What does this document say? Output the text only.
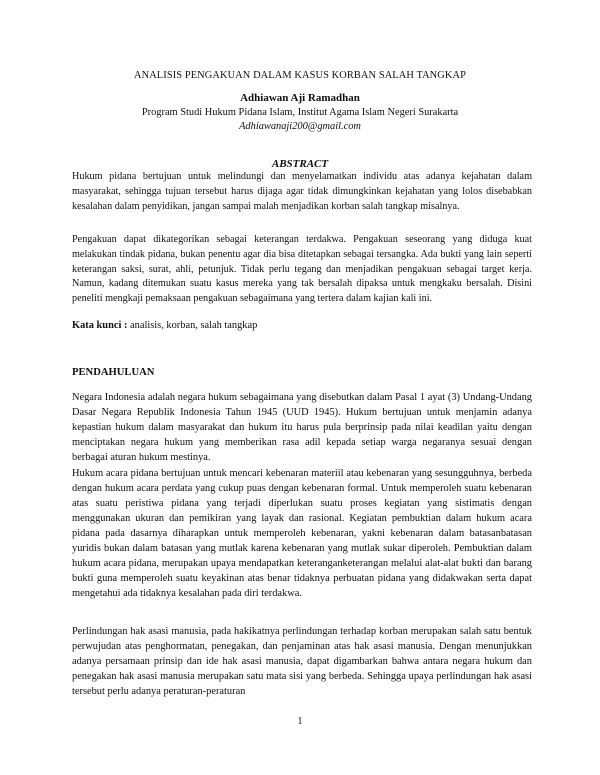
ANALISIS PENGAKUAN DALAM KASUS KORBAN SALAH TANGKAP
Adhiawan Aji Ramadhan
Program Studi Hukum Pidana Islam, Institut Agama Islam Negeri Surakarta
Adhiawanaji200@gmail.com
ABSTRACT
Hukum pidana bertujuan untuk melindungi dan menyelamatkan individu atas adanya kejahatan dalam masyarakat, sehingga tujuan tersebut harus dijaga agar tidak dimungkinkan kejahatan yang lolos disebabkan kesalahan dalam penyidikan, jangan sampai malah menjadikan korban salah tangkap misalnya.
Pengakuan dapat dikategorikan sebagai keterangan terdakwa. Pengakuan seseorang yang diduga kuat melakukan tindak pidana, bukan penentu agar dia bisa ditetapkan sebagai tersangka. Ada bukti yang lain seperti keterangan saksi, surat, ahli, petunjuk. Tidak perlu tegang dan menjadikan pengakuan sebagai target kerja. Namun, kadang ditemukan suatu kasus mereka yang tak bersalah dipaksa untuk mengkaku bersalah. Disini peneliti mengkaji pemaksaan pengakuan sebagaimana yang tertera dalam kajian kali ini.
Kata kunci : analisis, korban, salah tangkap
PENDAHULUAN
Negara Indonesia adalah negara hukum sebagaimana yang disebutkan dalam Pasal 1 ayat (3) Undang-Undang Dasar Negara Republik Indonesia Tahun 1945 (UUD 1945). Hukum bertujuan untuk menjamin adanya kepastian hukum dalam masyarakat dan hukum itu harus pula berprinsip pada nilai keadilan yaitu dengan menciptakan negara hukum yang memberikan rasa adil kepada setiap warga negaranya sesuai dengan berbagai aturan hukum mestinya.
Hukum acara pidana bertujuan untuk mencari kebenaran materiil atau kebenaran yang sesungguhnya, berbeda dengan hukum acara perdata yang cukup puas dengan kebenaran formal. Untuk memperoleh suatu kebenaran atas suatu peristiwa pidana yang terjadi diperlukan suatu proses kegiatan yang sistimatis dengan menggunakan ukuran dan pemikiran yang layak dan rasional. Kegiatan pembuktian dalam hukum acara pidana pada dasarnya diharapkan untuk memperoleh kebenaran, yakni kebenaran dalam batasanbatasan yuridis bukan dalam batasan yang mutlak karena kebenaran yang mutlak sukar diperoleh. Pembuktian dalam hukum acara pidana, merupakan upaya mendapatkan keteranganketerangan melalui alat-alat bukti dan barang bukti guna memperoleh suatu keyakinan atas benar tidaknya perbuatan pidana yang didakwakan serta dapat mengetahui ada tidaknya kesalahan pada diri terdakwa.
Perlindungan hak asasi manusia, pada hakikatnya perlindungan terhadap korban merupakan salah satu bentuk perwujudan atas penghormatan, penegakan, dan penjaminan atas hak asasi manusia. Dengan menunjukkan adanya persamaan prinsip dan ide hak asasi manusia, dapat digambarkan bahwa antara negara hukum dan penegakan hak asasi manusia merupakan satu mata sisi yang berbeda. Sehingga upaya perlindungan hak asasi tersebut perlu adanya peraturan-peraturan
1
